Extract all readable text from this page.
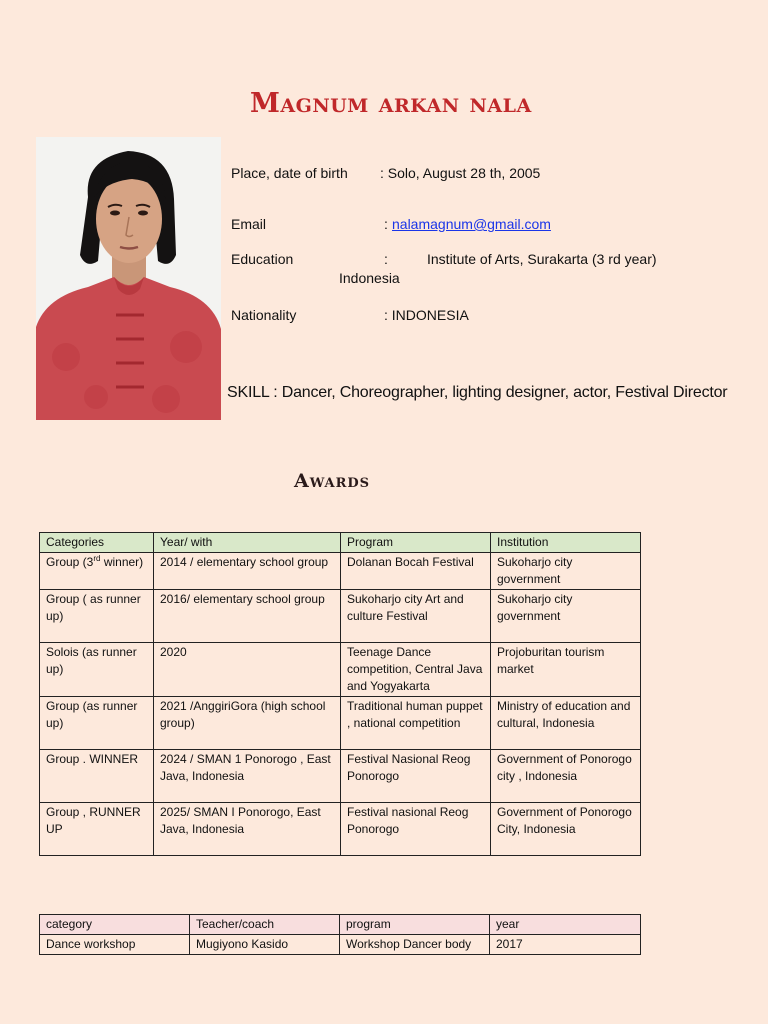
Magnum arkan nala
Place, date of birth : Solo, August 28 th, 2005
Email	: nalamagnum@gmail.com
Education	:	Institute of Arts, Surakarta (3 rd year)
Indonesia
Nationality	: INDONESIA
SKILL : Dancer, Choreographer, lighting designer, actor, Festival Director
Awards
Categories	Year/ with	Program	Institution
Group (3rd winner)	2014 / elementary school group	Dolanan Bocah Festival	Sukoharjo city government
Group ( as runner up)	2016/ elementary school group	Sukoharjo city Art and culture Festival	Sukoharjo city government
Solois (as runner up)	2020	Teenage Dance competition, Central Java and Yogyakarta	Projoburitan tourism market
Group (as runner up)	2021 /AnggiriGora (high school group)	Traditional human puppet , national competition	Ministry of education and cultural, Indonesia
Group . WINNER	2024 / SMAN 1 Ponorogo , East Java, Indonesia	Festival Nasional Reog Ponorogo	Government of Ponorogo city , Indonesia
Group , RUNNER UP	2025/ SMAN I Ponorogo, East Java, Indonesia	Festival nasional Reog Ponorogo	Government of Ponorogo City, Indonesia
category	Teacher/coach	program	year
Dance workshop	Mugiyono Kasido	Workshop Dancer body	2017
